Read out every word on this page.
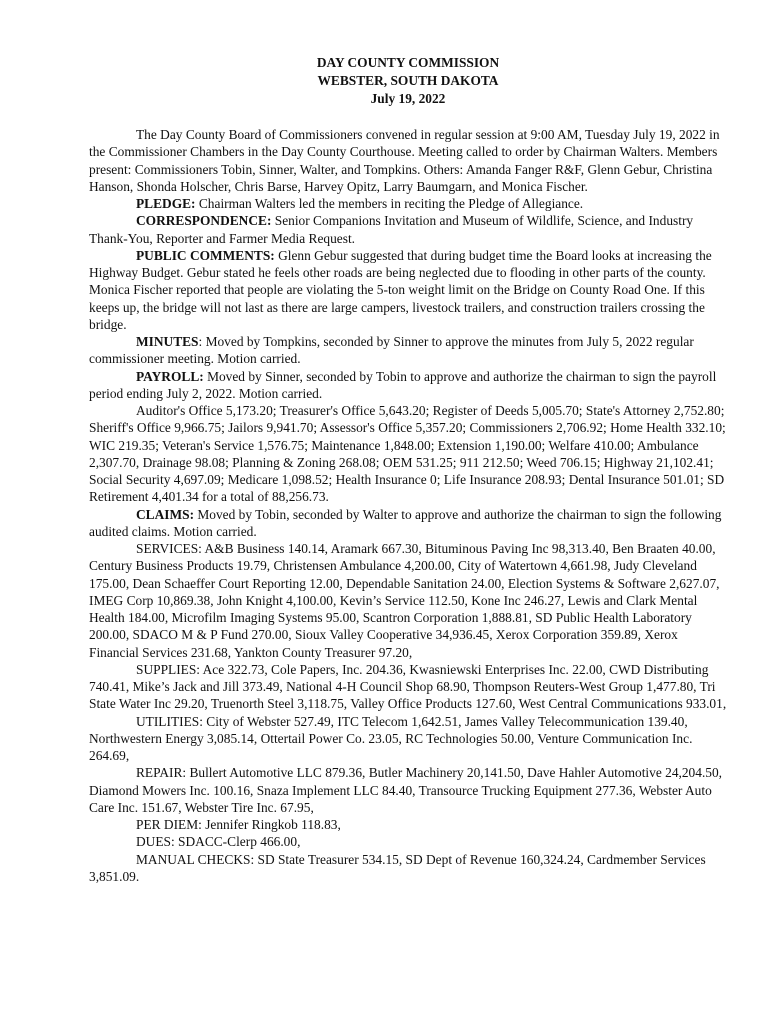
DAY COUNTY COMMISSION

WEBSTER, SOUTH DAKOTA

July 19, 2022

The Day County Board of Commissioners convened in regular session at 9:00 AM, Tuesday July 19, 2022 in the Commissioner Chambers in the Day County Courthouse. Meeting called to order by Chairman Walters. Members present: Commissioners Tobin, Sinner, Walter, and Tompkins. Others: Amanda Fanger R&F, Glenn Gebur, Christina Hanson, Shonda Holscher, Chris Barse, Harvey Opitz, Larry Baumgarn, and Monica Fischer.

PLEDGE: Chairman Walters led the members in reciting the Pledge of Allegiance.

CORRESPONDENCE: Senior Companions Invitation and Museum of Wildlife, Science, and Industry Thank-You, Reporter and Farmer Media Request.

PUBLIC COMMENTS: Glenn Gebur suggested that during budget time the Board looks at increasing the Highway Budget. Gebur stated he feels other roads are being neglected due to flooding in other parts of the county. Monica Fischer reported that people are violating the 5-ton weight limit on the Bridge on County Road One. If this keeps up, the bridge will not last as there are large campers, livestock trailers, and construction trailers crossing the bridge.

MINUTES: Moved by Tompkins, seconded by Sinner to approve the minutes from July 5, 2022 regular commissioner meeting. Motion carried.

PAYROLL: Moved by Sinner, seconded by Tobin to approve and authorize the chairman to sign the payroll period ending July 2, 2022. Motion carried.

Auditor's Office 5,173.20; Treasurer's Office 5,643.20; Register of Deeds 5,005.70; State's Attorney 2,752.80; Sheriff's Office 9,966.75; Jailors 9,941.70; Assessor's Office 5,357.20; Commissioners 2,706.92; Home Health 332.10; WIC 219.35; Veteran's Service 1,576.75; Maintenance 1,848.00; Extension 1,190.00; Welfare 410.00; Ambulance 2,307.70, Drainage 98.08; Planning & Zoning 268.08; OEM 531.25; 911 212.50; Weed 706.15; Highway 21,102.41; Social Security 4,697.09; Medicare 1,098.52; Health Insurance 0; Life Insurance 208.93; Dental Insurance 501.01; SD Retirement 4,401.34 for a total of 88,256.73.

CLAIMS: Moved by Tobin, seconded by Walter to approve and authorize the chairman to sign the following audited claims. Motion carried.

SERVICES: A&B Business 140.14, Aramark 667.30, Bituminous Paving Inc 98,313.40, Ben Braaten 40.00, Century Business Products 19.79, Christensen Ambulance 4,200.00, City of Watertown 4,661.98, Judy Cleveland 175.00, Dean Schaeffer Court Reporting 12.00, Dependable Sanitation 24.00, Election Systems & Software 2,627.07, IMEG Corp 10,869.38, John Knight 4,100.00, Kevin’s Service 112.50, Kone Inc 246.27, Lewis and Clark Mental Health 184.00, Microfilm Imaging Systems 95.00, Scantron Corporation 1,888.81, SD Public Health Laboratory 200.00, SDACO M & P Fund 270.00, Sioux Valley Cooperative 34,936.45, Xerox Corporation 359.89, Xerox Financial Services 231.68, Yankton County Treasurer 97.20,

SUPPLIES: Ace 322.73, Cole Papers, Inc. 204.36, Kwasniewski Enterprises Inc. 22.00, CWD Distributing 740.41, Mike’s Jack and Jill 373.49, National 4-H Council Shop 68.90, Thompson Reuters-West Group 1,477.80, Tri State Water Inc 29.20, Truenorth Steel 3,118.75, Valley Office Products 127.60, West Central Communications 933.01,

UTILITIES: City of Webster 527.49, ITC Telecom 1,642.51, James Valley Telecommunication 139.40, Northwestern Energy 3,085.14, Ottertail Power Co. 23.05, RC Technologies 50.00, Venture Communication Inc. 264.69,

REPAIR: Bullert Automotive LLC 879.36, Butler Machinery 20,141.50, Dave Hahler Automotive 24,204.50, Diamond Mowers Inc. 100.16, Snaza Implement LLC 84.40, Transource Trucking Equipment 277.36, Webster Auto Care Inc. 151.67, Webster Tire Inc. 67.95,

PER DIEM: Jennifer Ringkob 118.83,

DUES: SDACC-Clerp 466.00,

MANUAL CHECKS: SD State Treasurer 534.15, SD Dept of Revenue 160,324.24, Cardmember Services 3,851.09.
